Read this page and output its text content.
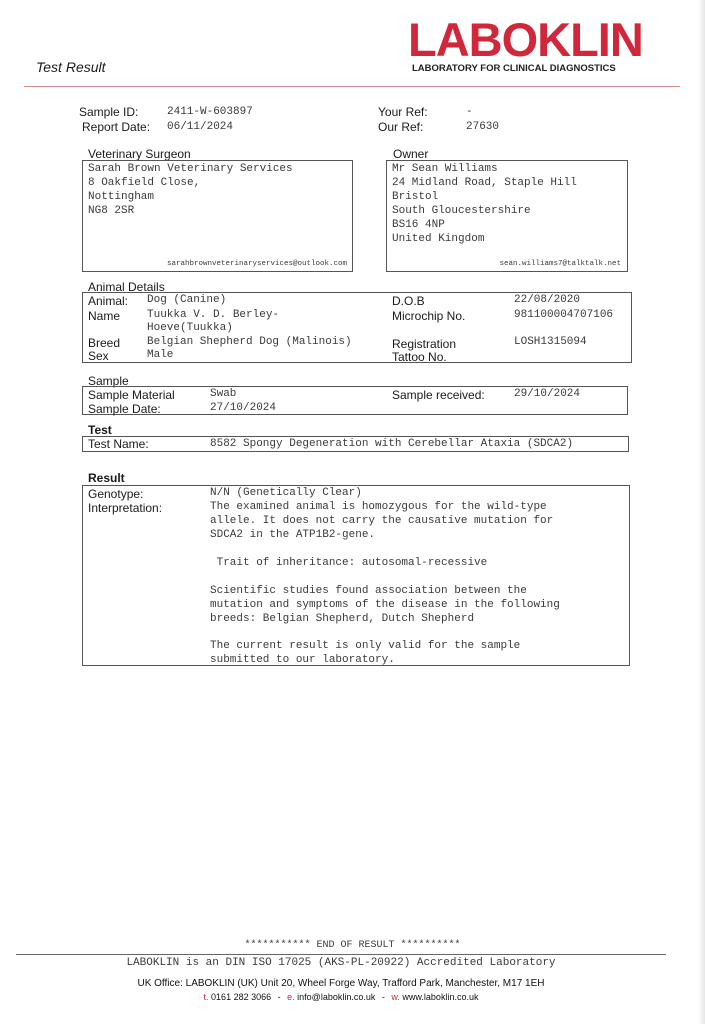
Test Result
LABOKLIN
LABORATORY FOR CLINICAL DIAGNOSTICS
Sample ID:	2411-W-603897
Report Date: 06/11/2024
Your Ref:	-
Our Ref:	27630
Veterinary Surgeon
Sarah Brown Veterinary Services
8 Oakfield Close,
Nottingham
NG8 2SR
sarahbrownveterinaryservices@outlook.com
Owner
Mr Sean Williams
24 Midland Road, Staple Hill
Bristol
South Gloucestershire
BS16 4NP
United Kingdom
sean.williams7@talktalk.net
Animal Details
Animal: Dog (Canine)
Name Tuukka V. D. Berley-
Hoeve(Tuukka)
Breed Belgian Shepherd Dog (Malinois)
Sex	Male
D.O.B	22/08/2020
Microchip No.	981100004707106
Registration	LOSH1315094
Tattoo No.
Sample
Sample Material	Swab
Sample Date:	27/10/2024
Sample received:	29/10/2024
Test
Test Name:	8582 Spongy Degeneration with Cerebellar Ataxia (SDCA2)
Result
Genotype:	N/N (Genetically Clear)
Interpretation:	The examined animal is homozygous for the wild-type
allele. It does not carry the causative mutation for
SDCA2 in the ATP1B2-gene.
Trait of inheritance: autosomal-recessive
Scientific studies found association between the
mutation and symptoms of the disease in the following
breeds: Belgian Shepherd, Dutch Shepherd
The current result is only valid for the sample
submitted to our laboratory.
*********** END OF RESULT **********
LABOKLIN is an DIN ISO 17025 (AKS-PL-20922) Accredited Laboratory
UK Office: LABOKLIN (UK) Unit 20, Wheel Forge Way, Trafford Park, Manchester, M17 1EH
t. 0161 282 3066 - e. info@laboklin.co.uk - w. www.laboklin.co.uk
